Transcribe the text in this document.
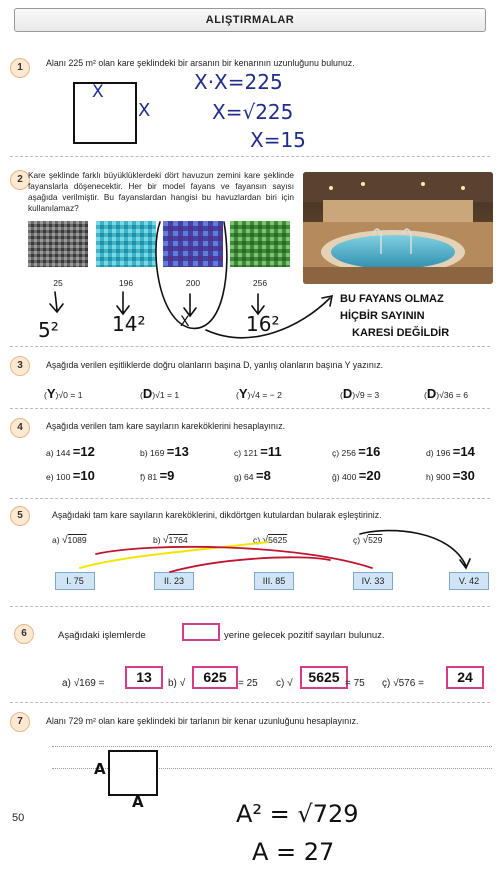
ALIŞTIRMALAR
1	Alanı 225 m² olan kare şeklindeki bir arsanın bir kenarının uzunluğunu bulunuz.
X
X
X·X=225
X=√225
X=15
2 Kare şeklinde farklı büyüklüklerdeki dört havuzun zemini kare şeklinde fayanslarla döşenecektir. Her bir model fayans ve fayansın sayısı aşağıda verilmiştir. Bu fayanslardan hangisi bu havuzlardan biri için kullanılamaz?
25	196	200	256
5²	14² X	16²
BU FAYANS OLMAZ
HİÇBİR SAYININ
KARESİ DEĞİLDİR
3	Aşağıda verilen eşitliklerde doğru olanların başına D, yanlış olanların başına Y yazınız.
(Y)√0 = 1	(D)√1 = 1	(Y)√4 = − 2	(D)√9 = 3	(D)√36 = 6
4	Aşağıda verilen tam kare sayıların kareköklerini hesaplayınız.
a) 144 =12	b) 169 =13	c) 121 =11	ç) 256 =16	d) 196 =14
e) 100 =10	f) 81 =9	g) 64 =8	ğ) 400 =20	h) 900 =30
5	Aşağıdaki tam kare sayıların kareköklerini, dikdörtgen kutulardan bularak eşleştiriniz.
a) √1089	b) √1764	c) √5625	ç) √529
I. 75	II. 23	III. 85	IV. 33	V. 42
6	Aşağıdaki işlemlerde	yerine gelecek pozitif sayıları bulunuz.
a) √169 =	13	b) √	625	= 25 c) √	5625 = 75 ç) √576 =	24
7	Alanı 729 m² olan kare şeklindeki bir tarlanın bir kenar uzunluğunu hesaplayınız.
A
A	A² = √729
A = 27
50
